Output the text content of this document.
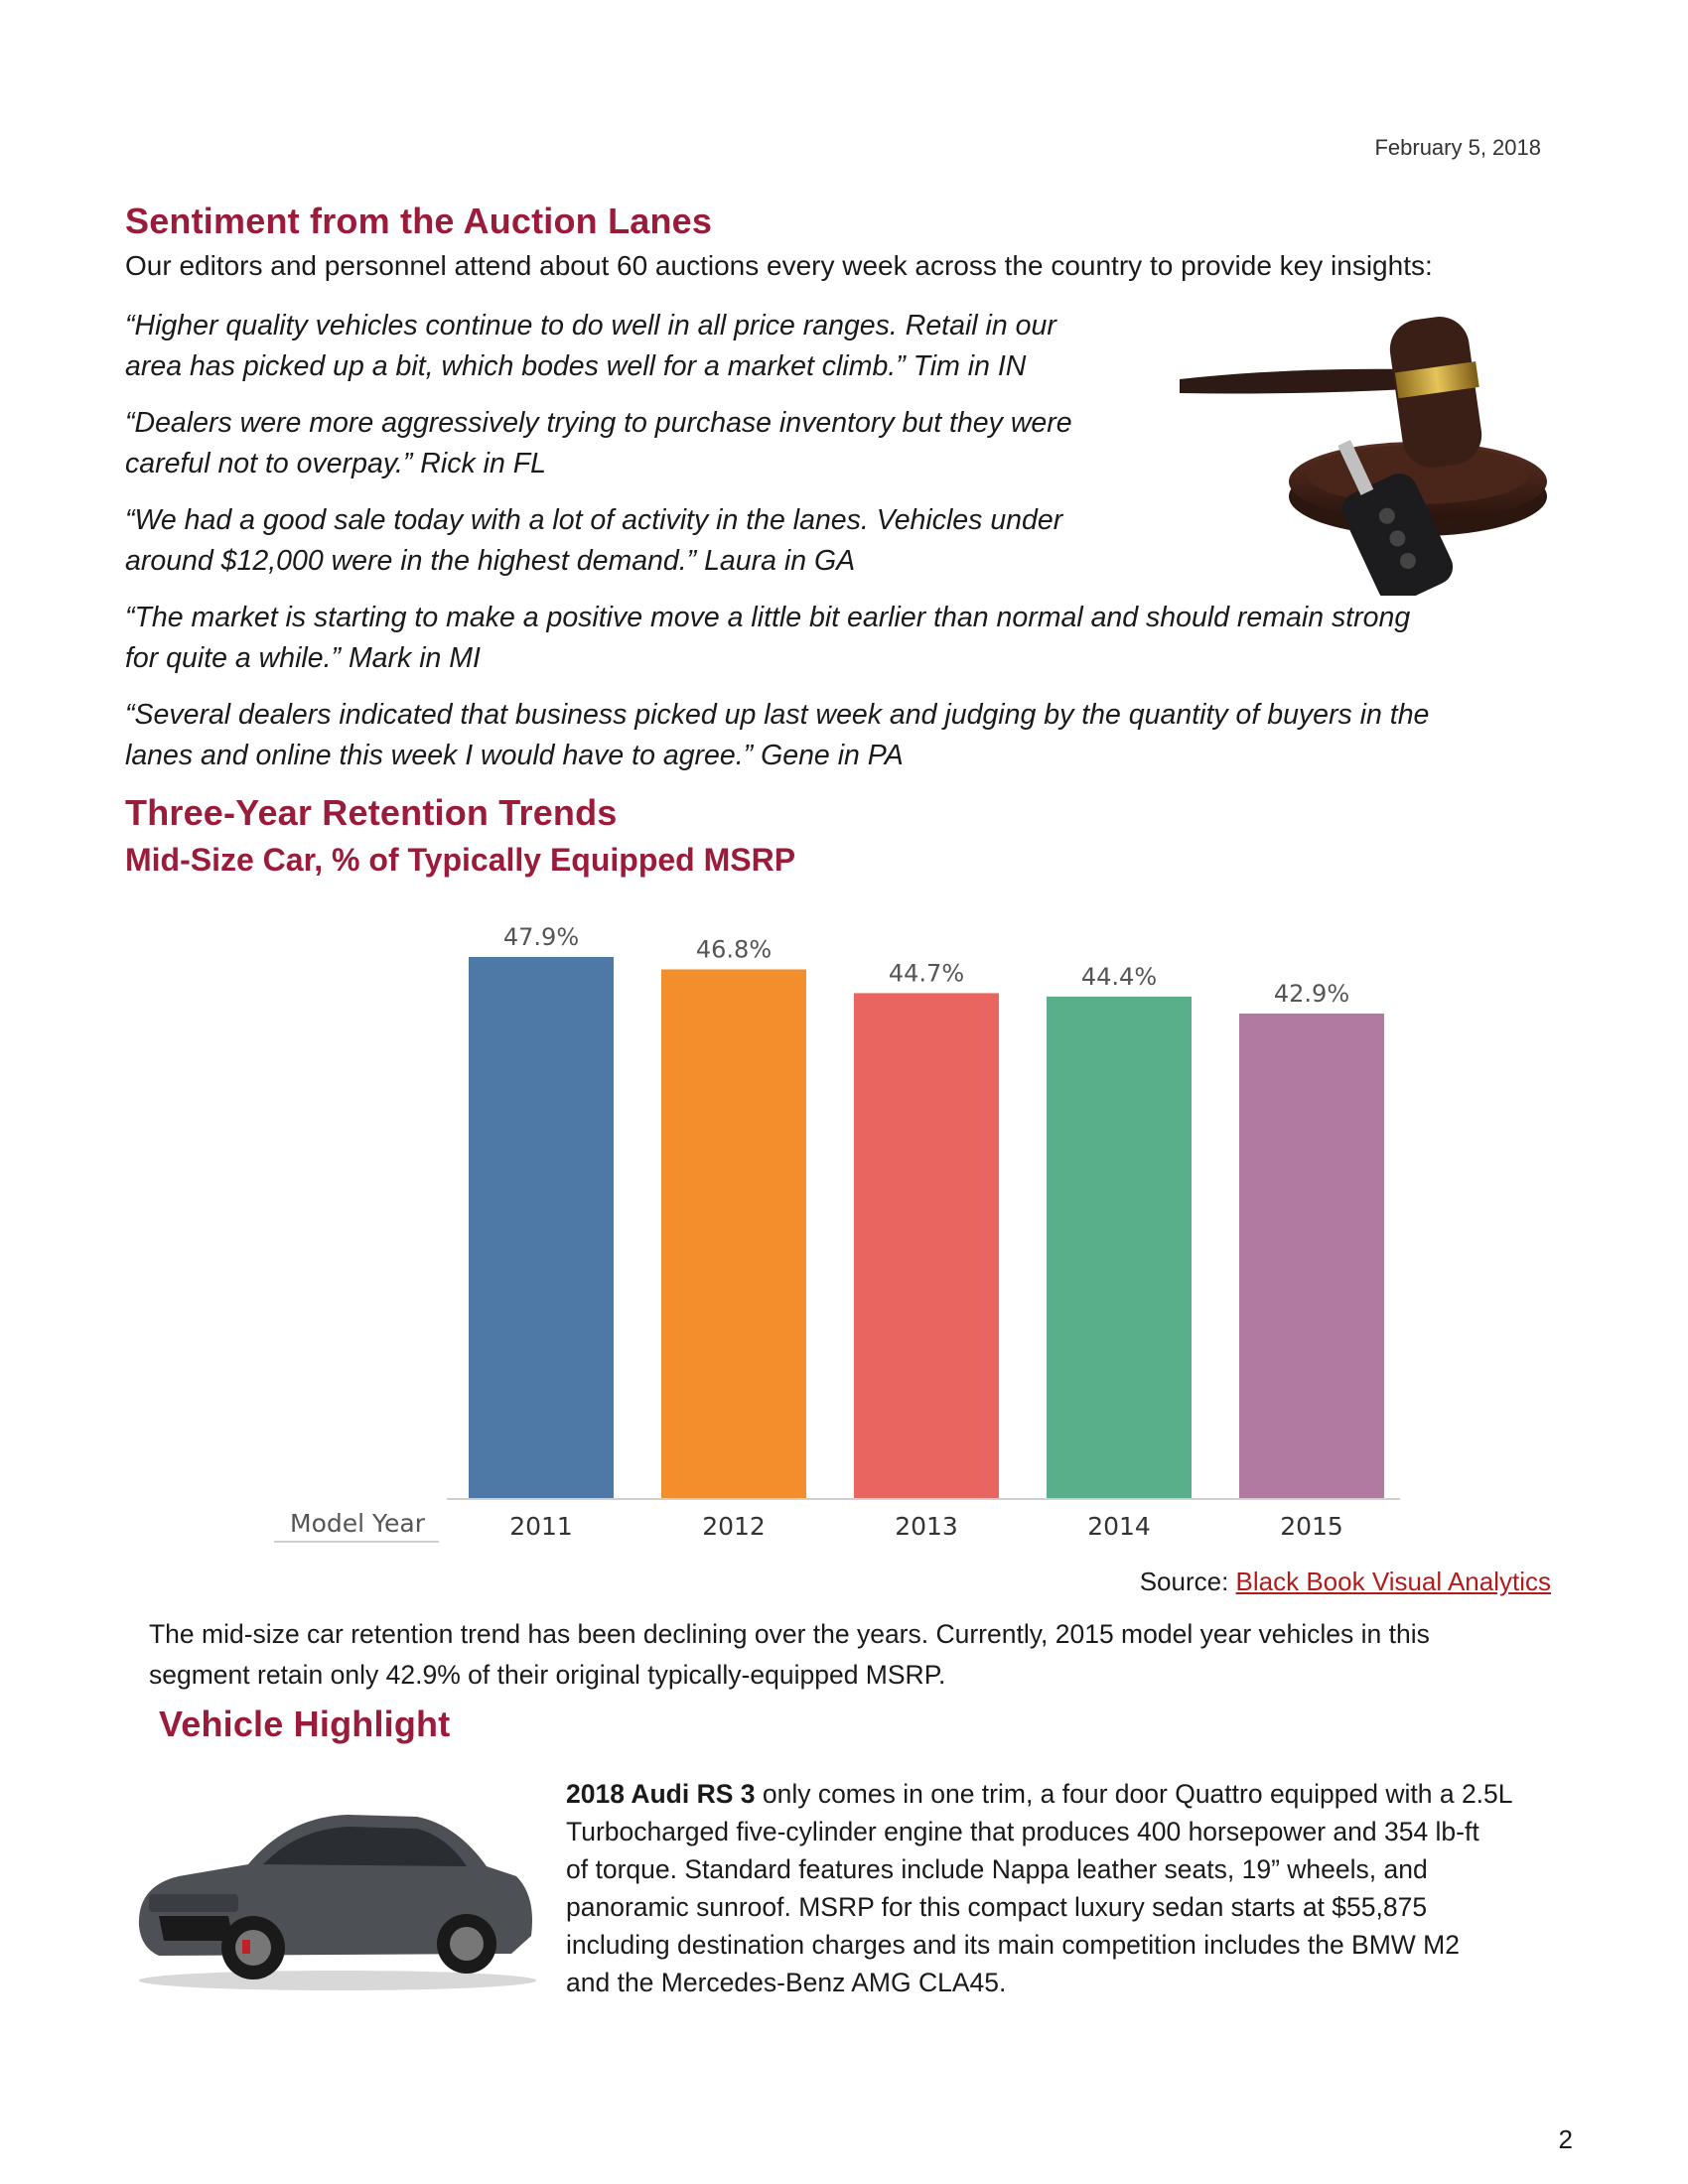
February 5, 2018
Sentiment from the Auction Lanes
Our editors and personnel attend about 60 auctions every week across the country to provide key insights:
“Higher quality vehicles continue to do well in all price ranges. Retail in our
area has picked up a bit, which bodes well for a market climb.” Tim in IN
“Dealers were more aggressively trying to purchase inventory but they were
careful not to overpay.” Rick in FL
“We had a good sale today with a lot of activity in the lanes. Vehicles under
around $12,000 were in the highest demand.” Laura in GA
“The market is starting to make a positive move a little bit earlier than normal and should remain strong
for quite a while.” Mark in MI
“Several dealers indicated that business picked up last week and judging by the quantity of buyers in the
lanes and online this week I would have to agree.” Gene in PA
Three-Year Retention Trends
Mid-Size Car, % of Typically Equipped MSRP
47.9%
2011
46.8%
2012
44.7%
2013
44.4%
2014
42.9%
2015
Model Year
Source: Black Book Visual Analytics
The mid-size car retention trend has been declining over the years. Currently, 2015 model year vehicles in this
segment retain only 42.9% of their original typically-equipped MSRP.
Vehicle Highlight
2018 Audi RS 3 only comes in one trim, a four door Quattro equipped with a 2.5L
Turbocharged five-cylinder engine that produces 400 horsepower and 354 lb-ft
of torque. Standard features include Nappa leather seats, 19” wheels, and
panoramic sunroof. MSRP for this compact luxury sedan starts at $55,875
including destination charges and its main competition includes the BMW M2
and the Mercedes-Benz AMG CLA45.
2
